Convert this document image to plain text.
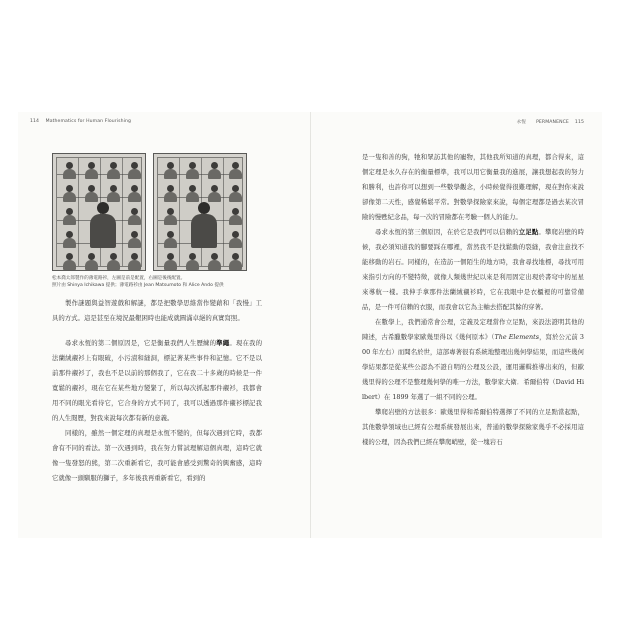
114 Mathematics for Human Flourishing	永恆 PERMANENCE 115
松本喬太郎製作的薄電路衫，左圖是前是配置，右圖是後後配置。
照片由 Shinya Ichikawa 提供；薄電路衫由 Jean Matsumoto 和 Alice Ando 提供

製作謎題與益智遊戲和解謎，都是把數學思維當作變藉和「我慢」工具的方式。這是甚至在境況最艱困時也能成就圓滿卓絕的真實寫照。

尋求永恆的第二個原因是，它是衡量我們人生歷練的準繩。現在我的法蘭絨襯衫上有眼破，小污漬和縫洞，標記著某些事件和記憶。它不是以前那件襯衫了，我也不是以前的那個我了，它在我二十多歲的時候是一件寬鬆的襯衫，現在它在某些地方變緊了，所以每次抓起那件襯衫，我都會用不同的眼光看待它，它合身的方式不同了，我可以透過那件襯衫標記我的人生閱歷，對我來說每次都有新的意義。

同樣的，雖然一個定理的真理是永恆不變的，但每次遇到它時，我都會有不同的看法。第一次遇到時，我在努力嘗試理解這個真理，這時它就像一隻發怒的熊，第二次重新看它，我可能會感受到驚奇的興奮感，這時它就像一頭馴服的獅子，多年後我再重新看它，看到的

是一隻和善的狗，牠和眾訪其他的寵物，其他我所知道的真理，都合得來，這個定理是永久存在的衡量標準，我可以用它衡量我的進展，讓我想起我的努力和勝利，也許你可以想到一些數學觀念，小時候覺得很難理解，現在對你來說卻像第二天性，感覺稀鬆平常。對數學探險家來說，每個定理都是過去某次冒險的慢甦紀念品，每一次的冒險都在考驗一個人的能力。

尋求永恆的第三個原因，在於它是我們可以信賴的立足點。攀爬岩壁的時候，我必須知道我的腳要踩在哪裡，當然我不是找鬆動的裂縫，我會注意找不能移動的岩石。同樣的，在造訪一個陌生的地方時，我會尋找地標，尋找可用來指引方向的不變特徵，就像人類幾世紀以來是利用固定出現於書穹中的星星來導航一樣。我伸手拿那件法蘭絨襯衫時，它在我眼中是衣櫃裡的可靠常備品，是一件可信賴的衣服，而我會以它為主軸去搭配其餘的穿著。

在數學上，我們通常會公理，定義及定理當作立足點，來設法證明其他的陳述，古希臘數學家歐幾里得以《幾何原本》（The Elements，寫於公元前 300 年左右）而聞名於世，這部專著很有系統地整理出幾何學結果，而這些幾何學結果都是從某些公認為不證自明的公理及公設，運用邏輯推導出來的，但歐幾里得的公理不是整理幾何學的唯一方法，數學家大衛．希爾伯特（David Hilbert）在 1899 年選了一組不同的公理。

攀爬岩壁的方法很多：歐幾里得和希爾伯特選擇了不同的立足點當起點，其他數學領域也已經有公理系統發展出來，普通的數學探險家幾乎不必採用這樣的公理，因為我們已經在攀爬峭壁，從一塊岩石
